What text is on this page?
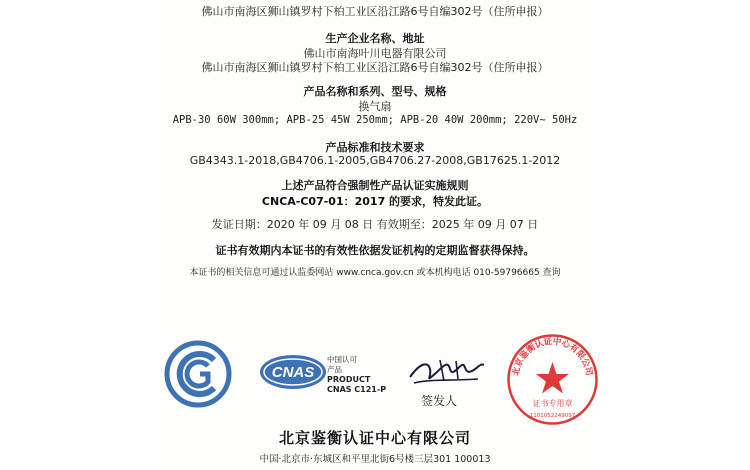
佛山市南海区狮山镇罗村下柏工业区沿江路6号自编302号（住所申报）
生产企业名称、地址
佛山市南海叶川电器有限公司
佛山市南海区狮山镇罗村下柏工业区沿江路6号自编302号（住所申报）
产品名称和系列、型号、规格
换气扇
APB-30 60W 300mm; APB-25 45W 250mm; APB-20 40W 200mm; 220V~ 50Hz
产品标准和技术要求
GB4343.1-2018,GB4706.1-2005,GB4706.27-2008,GB17625.1-2012
上述产品符合强制性产品认证实施规则
CNCA-C07-01：2017 的要求，特发此证。
发证日期：2020 年 09 月 08 日 有效期至：2025 年 09 月 07 日
证书有效期内本证书的有效性依据发证机构的定期监督获得保持。
本证书的相关信息可通过认监委网站 www.cnca.gov.cn 或本机构电话 010-59796665 查询
CNAS
中国认可
产品
PRODUCT
CNAS C121-P
签发人
北京鉴衡认证中心有限公司
证书专用章
1101052249097
北京鉴衡认证中心有限公司
中国·北京市·东城区和平里北街6号楼三层301 100013
